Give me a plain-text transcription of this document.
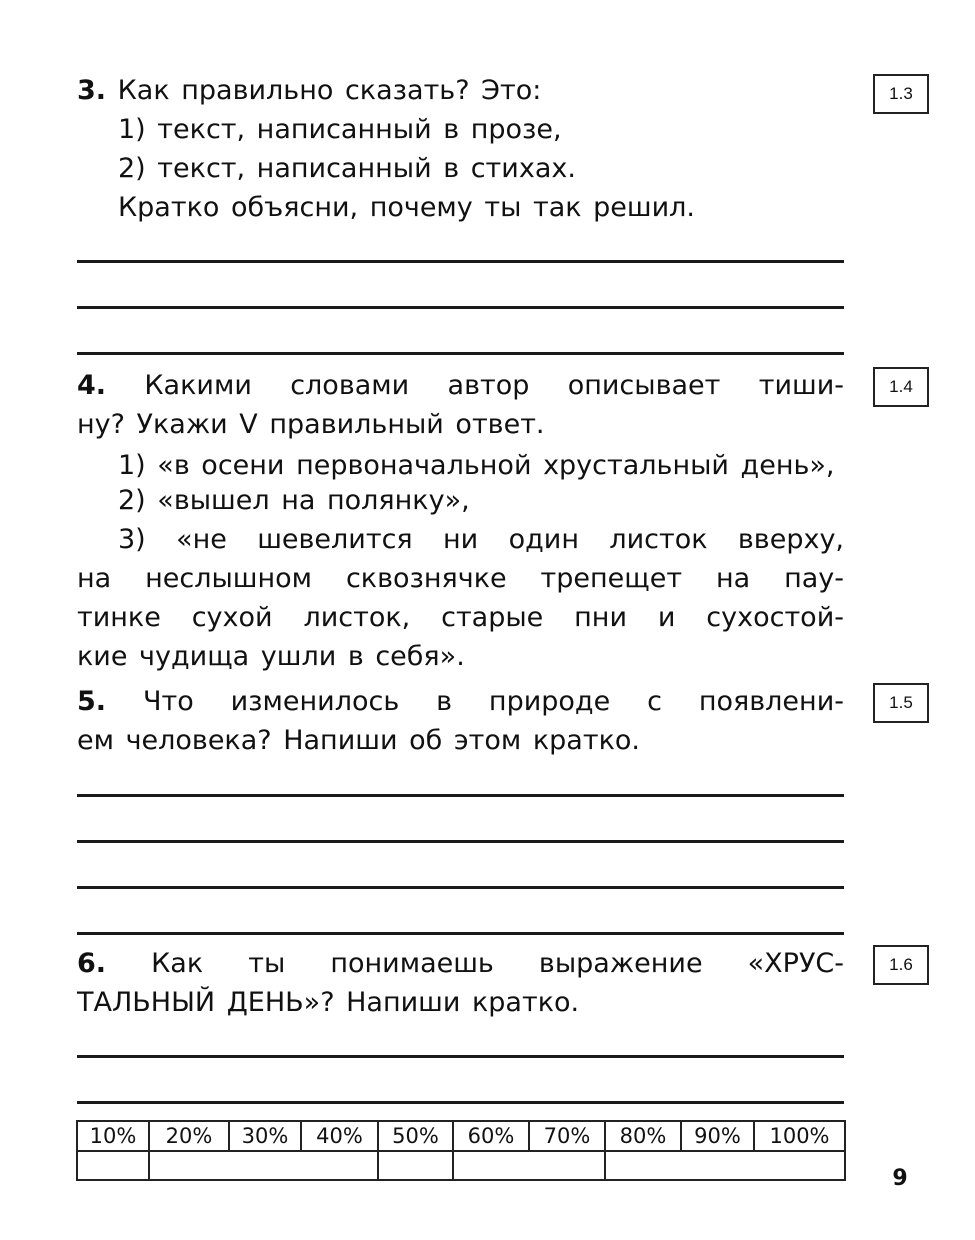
3. Как правильно сказать? Это:	1.3
1) текст, написанный в прозе,
2) текст, написанный в стихах.
Кратко объясни, почему ты так решил.
4. Какими словами автор описывает тиши-	1.4
ну? Укажи V правильный ответ.
1) «в осени первоначальной хрустальный день»,
2) «вышел на полянку»,
3) «не шевелится ни один листок вверху,
на неслышном сквознячке трепещет на пау-
тинке сухой листок, старые пни и сухостой-
кие чудища ушли в себя».
5. Что изменилось в природе с появлени-	1.5
ем человека? Напиши об этом кратко.
6. Как ты понимаешь выражение «ХРУС-	1.6
ТАЛЬНЫЙ ДЕНЬ»? Напиши кратко.
10%	20%	30%	40%	50%	60%	70%	80%	90%	100%

9
